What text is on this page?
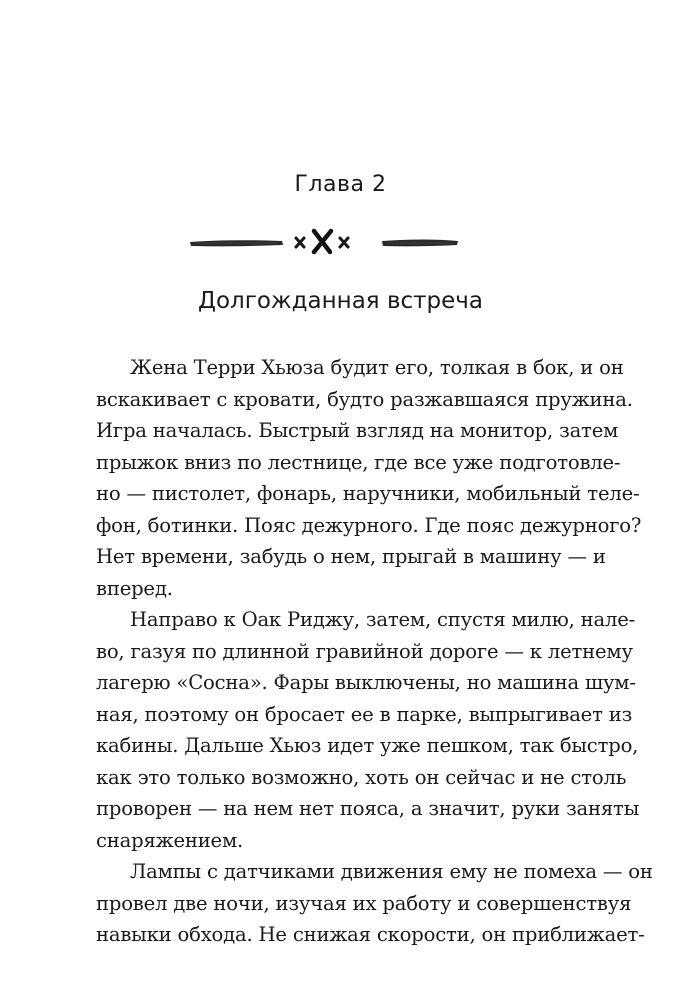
Глава 2
Долгожданная встреча
Жена Терри Хьюза будит его, толкая в бок, и он
вскакивает с кровати, будто разжавшаяся пружина.
Игра началась. Быстрый взгляд на монитор, затем
прыжок вниз по лестнице, где все уже подготовле-
но — пистолет, фонарь, наручники, мобильный теле-
фон, ботинки. Пояс дежурного. Где пояс дежурного?
Нет времени, забудь о нем, прыгай в машину — и
вперед.
Направо к Оак Риджу, затем, спустя милю, нале-
во, газуя по длинной гравийной дороге — к летнему
лагерю «Сосна». Фары выключены, но машина шум-
ная, поэтому он бросает ее в парке, выпрыгивает из
кабины. Дальше Хьюз идет уже пешком, так быстро,
как это только возможно, хоть он сейчас и не столь
проворен — на нем нет пояса, а значит, руки заняты
снаряжением.
Лампы с датчиками движения ему не помеха — он
провел две ночи, изучая их работу и совершенствуя
навыки обхода. Не снижая скорости, он приближает-
